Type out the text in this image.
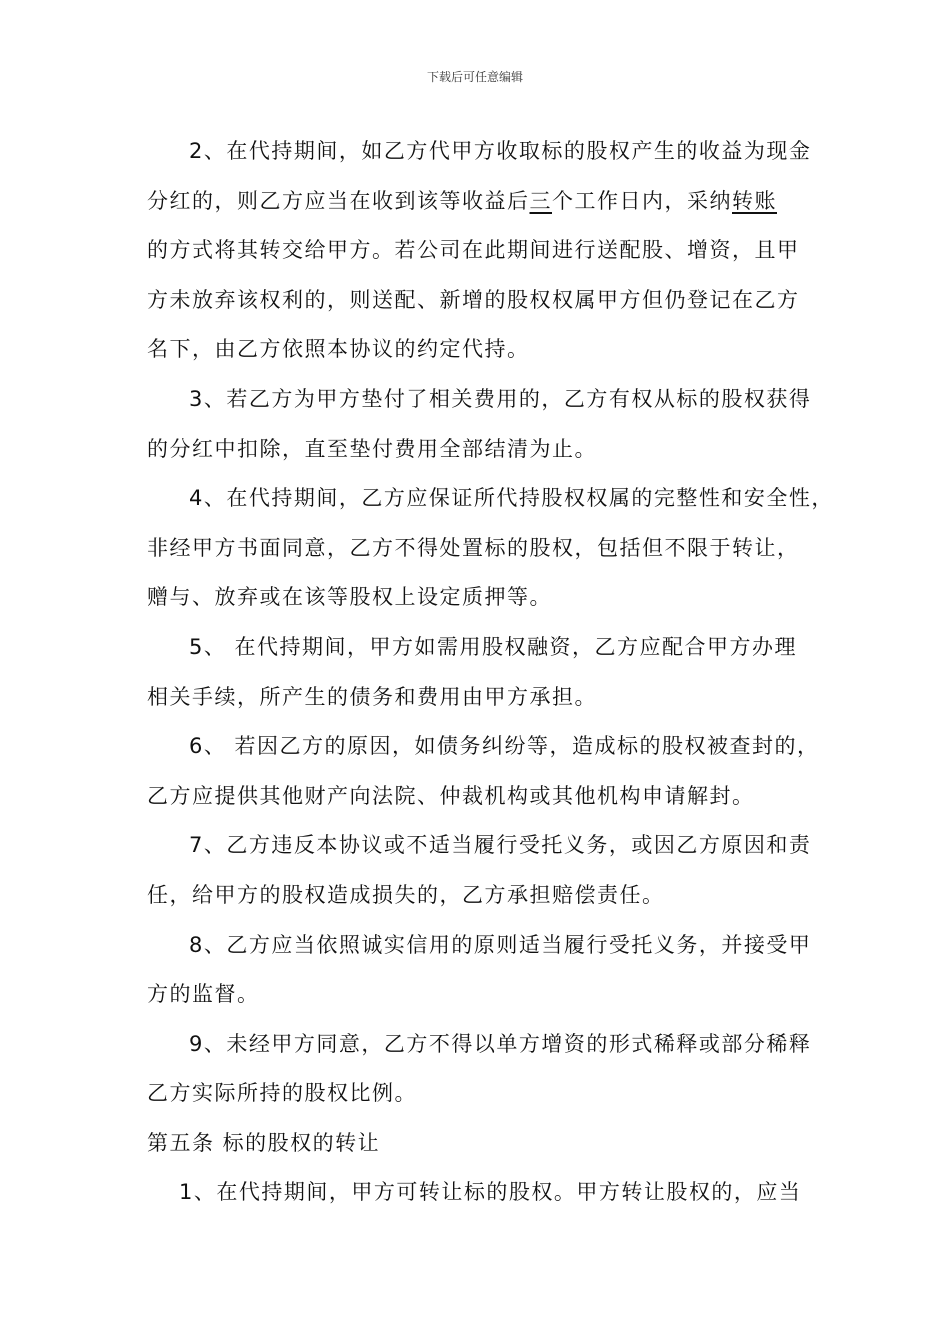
下载后可任意编辑
2、在代持期间，如乙方代甲方收取标的股权产生的收益为现金
分红的，则乙方应当在收到该等收益后三个工作日内，采纳转账
的方式将其转交给甲方。若公司在此期间进行送配股、增资，且甲
方未放弃该权利的，则送配、新增的股权权属甲方但仍登记在乙方
名下，由乙方依照本协议的约定代持。
3、若乙方为甲方垫付了相关费用的，乙方有权从标的股权获得
的分红中扣除，直至垫付费用全部结清为止。
4、在代持期间，乙方应保证所代持股权权属的完整性和安全性，
非经甲方书面同意，乙方不得处置标的股权，包括但不限于转让，
赠与、放弃或在该等股权上设定质押等。
5、 在代持期间，甲方如需用股权融资，乙方应配合甲方办理
相关手续，所产生的债务和费用由甲方承担。
6、 若因乙方的原因，如债务纠纷等，造成标的股权被查封的，
乙方应提供其他财产向法院、仲裁机构或其他机构申请解封。
7、乙方违反本协议或不适当履行受托义务，或因乙方原因和责
任，给甲方的股权造成损失的，乙方承担赔偿责任。
8、乙方应当依照诚实信用的原则适当履行受托义务，并接受甲
方的监督。
9、未经甲方同意，乙方不得以单方增资的形式稀释或部分稀释
乙方实际所持的股权比例。
第五条 标的股权的转让
1、在代持期间，甲方可转让标的股权。甲方转让股权的，应当
